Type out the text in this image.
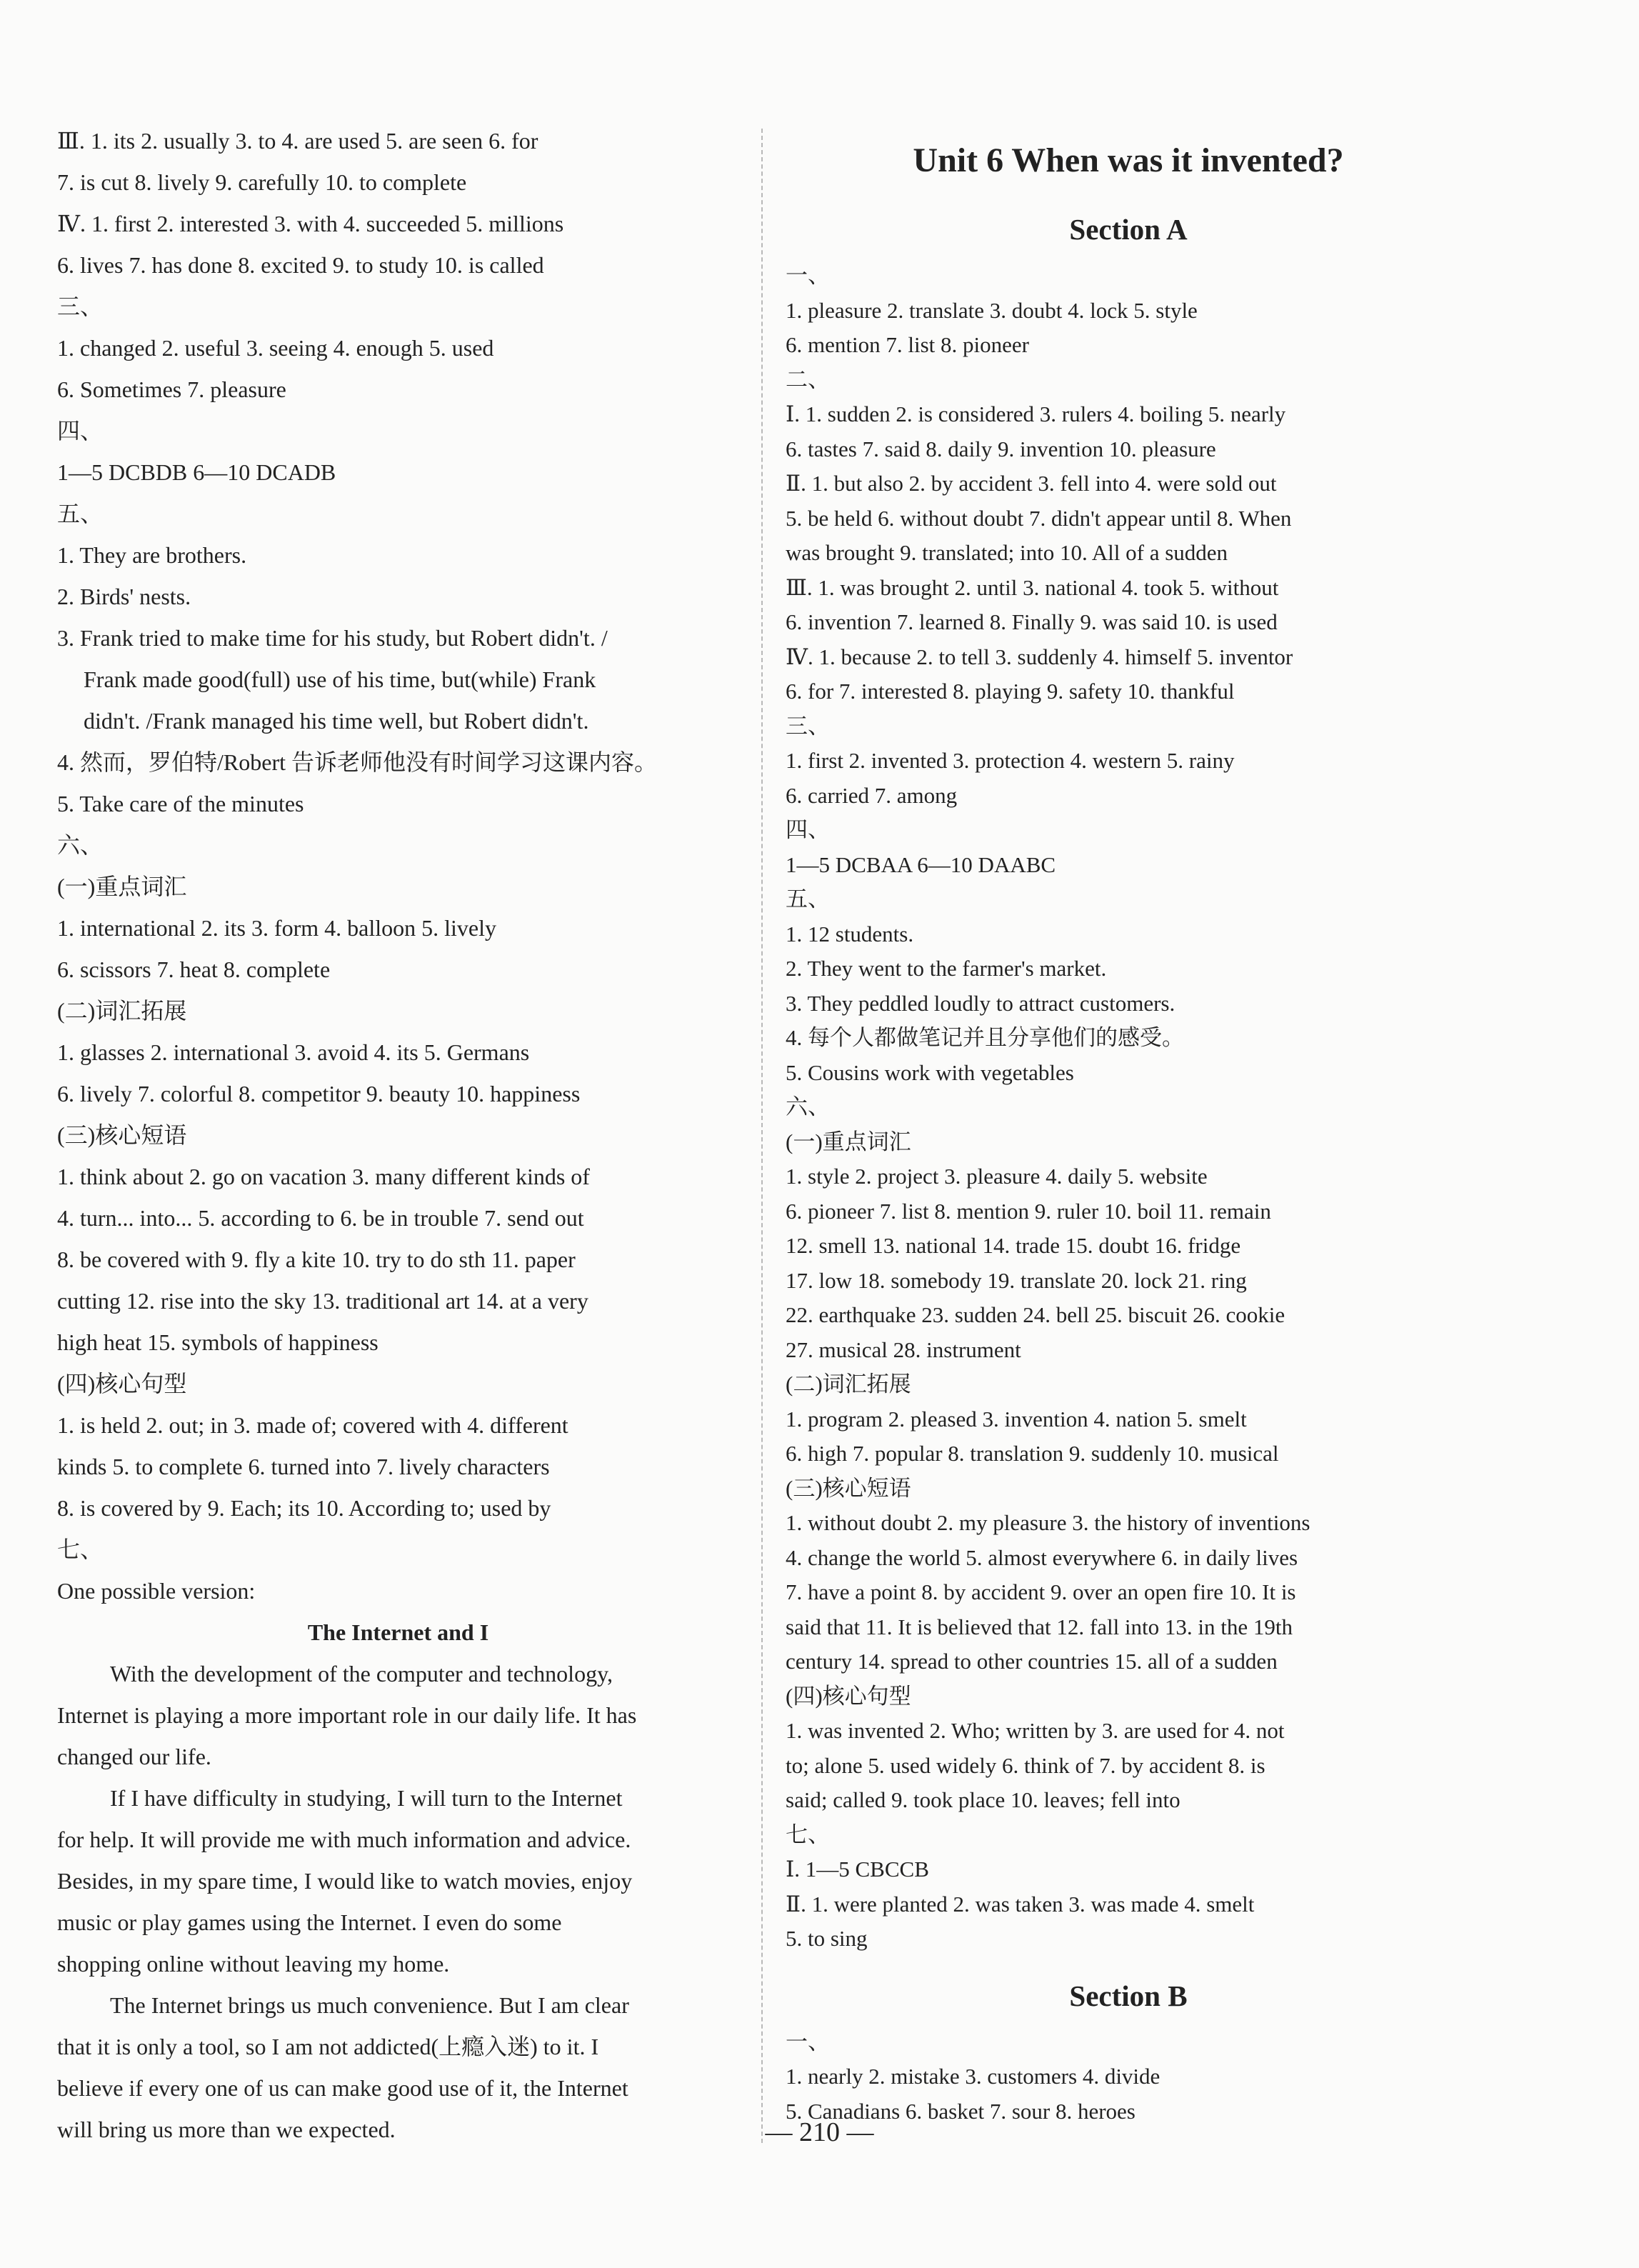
Ⅲ. 1. its 2. usually 3. to 4. are used 5. are seen 6. for
7. is cut 8. lively 9. carefully 10. to complete
Ⅳ. 1. first 2. interested 3. with 4. succeeded 5. millions
6. lives 7. has done 8. excited 9. to study 10. is called
三、
1. changed 2. useful 3. seeing 4. enough 5. used
6. Sometimes 7. pleasure
四、
1—5 DCBDB 6—10 DCADB
五、
1. They are brothers.
2. Birds' nests.
3. Frank tried to make time for his study, but Robert didn't. /
Frank made good(full) use of his time, but(while) Frank
didn't. /Frank managed his time well, but Robert didn't.
4. 然而，罗伯特/Robert 告诉老师他没有时间学习这课内容。
5. Take care of the minutes
六、
(一)重点词汇
1. international 2. its 3. form 4. balloon 5. lively
6. scissors 7. heat 8. complete
(二)词汇拓展
1. glasses 2. international 3. avoid 4. its 5. Germans
6. lively 7. colorful 8. competitor 9. beauty 10. happiness
(三)核心短语
1. think about 2. go on vacation 3. many different kinds of
4. turn... into... 5. according to 6. be in trouble 7. send out
8. be covered with 9. fly a kite 10. try to do sth 11. paper
cutting 12. rise into the sky 13. traditional art 14. at a very
high heat 15. symbols of happiness
(四)核心句型
1. is held 2. out; in 3. made of; covered with 4. different
kinds 5. to complete 6. turned into 7. lively characters
8. is covered by 9. Each; its 10. According to; used by
七、
One possible version:
The Internet and I
With the development of the computer and technology,
Internet is playing a more important role in our daily life. It has
changed our life.
If I have difficulty in studying, I will turn to the Internet
for help. It will provide me with much information and advice.
Besides, in my spare time, I would like to watch movies, enjoy
music or play games using the Internet. I even do some
shopping online without leaving my home.
The Internet brings us much convenience. But I am clear
that it is only a tool, so I am not addicted(上瘾入迷) to it. I
believe if every one of us can make good use of it, the Internet
will bring us more than we expected.
Unit 6 When was it invented?
Section A
一、
1. pleasure 2. translate 3. doubt 4. lock 5. style
6. mention 7. list 8. pioneer
二、
Ⅰ. 1. sudden 2. is considered 3. rulers 4. boiling 5. nearly
6. tastes 7. said 8. daily 9. invention 10. pleasure
Ⅱ. 1. but also 2. by accident 3. fell into 4. were sold out
5. be held 6. without doubt 7. didn't appear until 8. When
was brought 9. translated; into 10. All of a sudden
Ⅲ. 1. was brought 2. until 3. national 4. took 5. without
6. invention 7. learned 8. Finally 9. was said 10. is used
Ⅳ. 1. because 2. to tell 3. suddenly 4. himself 5. inventor
6. for 7. interested 8. playing 9. safety 10. thankful
三、
1. first 2. invented 3. protection 4. western 5. rainy
6. carried 7. among
四、
1—5 DCBAA 6—10 DAABC
五、
1. 12 students.
2. They went to the farmer's market.
3. They peddled loudly to attract customers.
4. 每个人都做笔记并且分享他们的感受。
5. Cousins work with vegetables
六、
(一)重点词汇
1. style 2. project 3. pleasure 4. daily 5. website
6. pioneer 7. list 8. mention 9. ruler 10. boil 11. remain
12. smell 13. national 14. trade 15. doubt 16. fridge
17. low 18. somebody 19. translate 20. lock 21. ring
22. earthquake 23. sudden 24. bell 25. biscuit 26. cookie
27. musical 28. instrument
(二)词汇拓展
1. program 2. pleased 3. invention 4. nation 5. smelt
6. high 7. popular 8. translation 9. suddenly 10. musical
(三)核心短语
1. without doubt 2. my pleasure 3. the history of inventions
4. change the world 5. almost everywhere 6. in daily lives
7. have a point 8. by accident 9. over an open fire 10. It is
said that 11. It is believed that 12. fall into 13. in the 19th
century 14. spread to other countries 15. all of a sudden
(四)核心句型
1. was invented 2. Who; written by 3. are used for 4. not
to; alone 5. used widely 6. think of 7. by accident 8. is
said; called 9. took place 10. leaves; fell into
七、
Ⅰ. 1—5 CBCCB
Ⅱ. 1. were planted 2. was taken 3. was made 4. smelt
5. to sing
Section B
一、
1. nearly 2. mistake 3. customers 4. divide
5. Canadians 6. basket 7. sour 8. heroes
— 210 —
